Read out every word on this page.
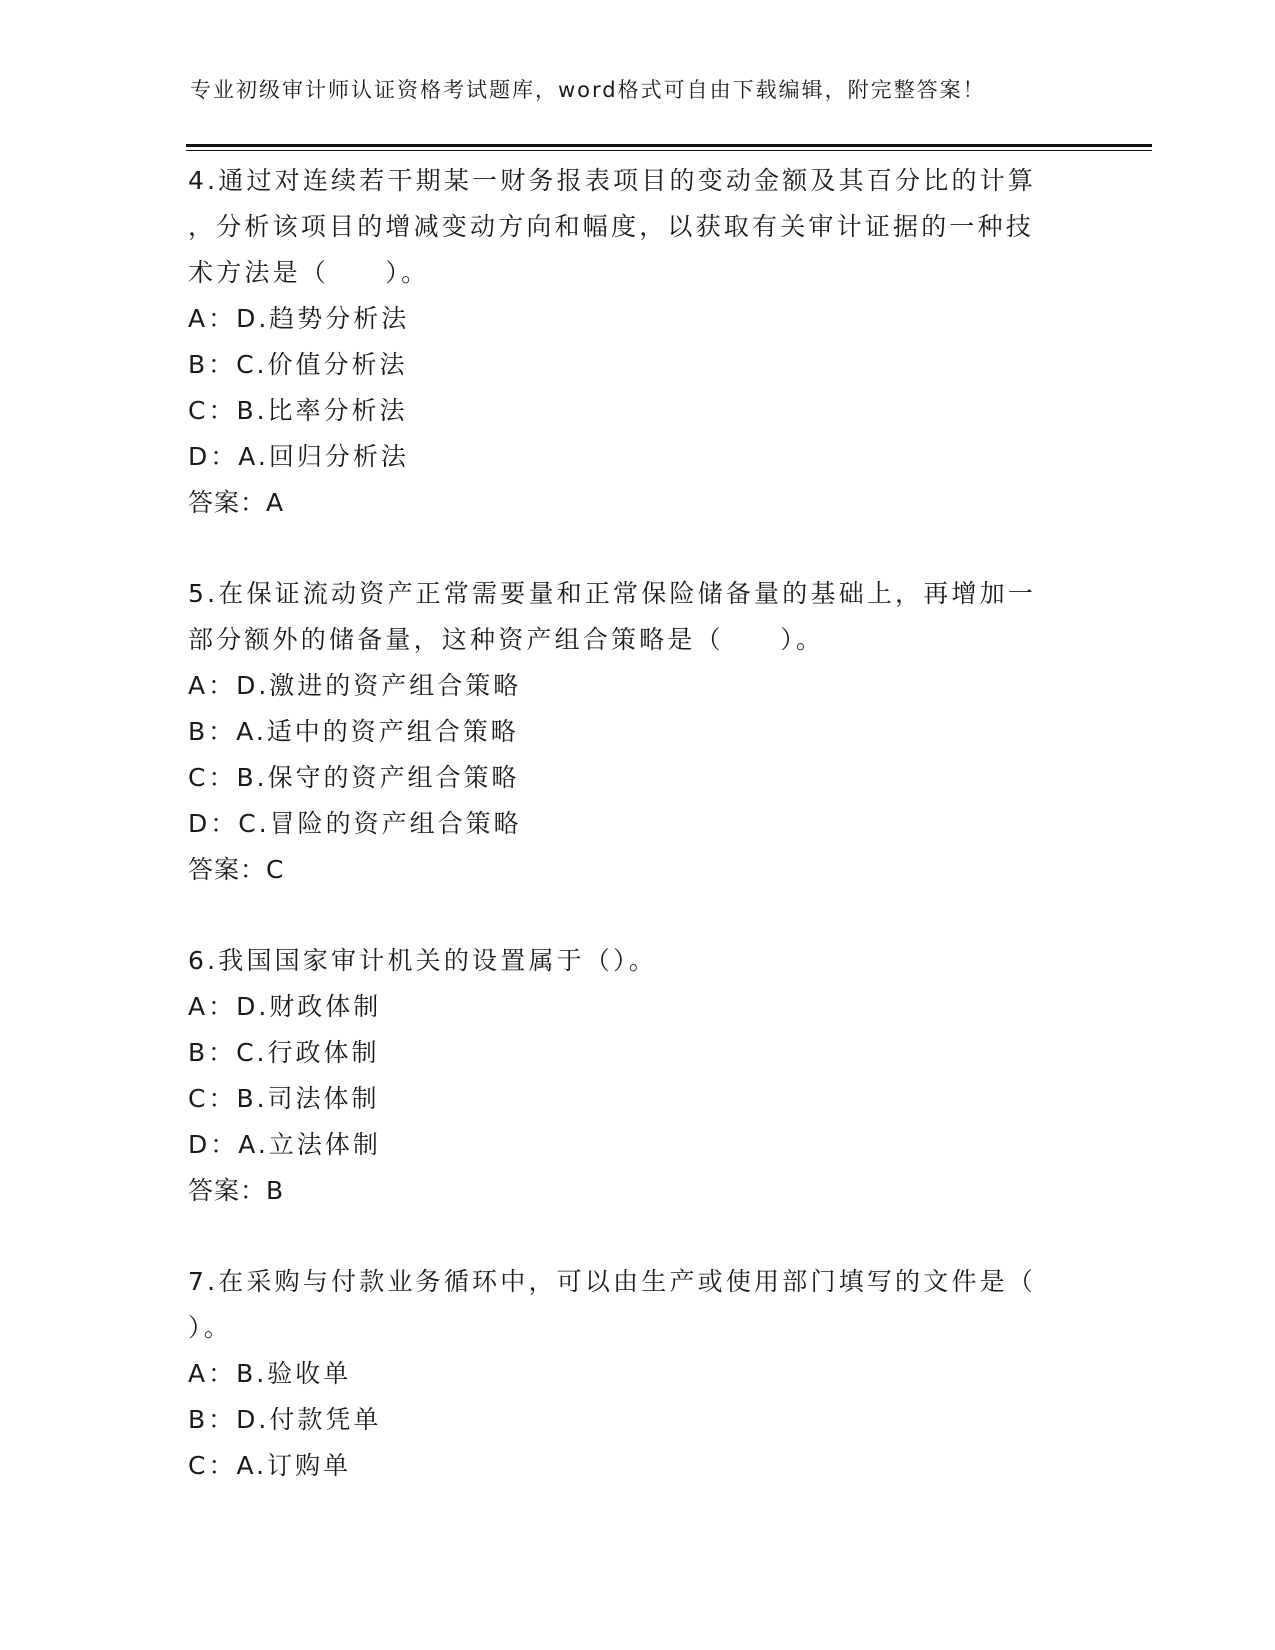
专业初级审计师认证资格考试题库，word格式可自由下载编辑，附完整答案！

4.通过对连续若干期某一财务报表项目的变动金额及其百分比的计算

，分析该项目的增减变动方向和幅度，以获取有关审计证据的一种技

术方法是（　　）。

A：D.趋势分析法

B：C.价值分析法

C：B.比率分析法

D：A.回归分析法

答案：A

5.在保证流动资产正常需要量和正常保险储备量的基础上，再增加一

部分额外的储备量，这种资产组合策略是（　　）。

A：D.激进的资产组合策略

B：A.适中的资产组合策略

C：B.保守的资产组合策略

D：C.冒险的资产组合策略

答案：C

6.我国国家审计机关的设置属于（）。

A：D.财政体制

B：C.行政体制

C：B.司法体制

D：A.立法体制

答案：B

7.在采购与付款业务循环中，可以由生产或使用部门填写的文件是（

）。

A：B.验收单

B：D.付款凭单

C：A.订购单
